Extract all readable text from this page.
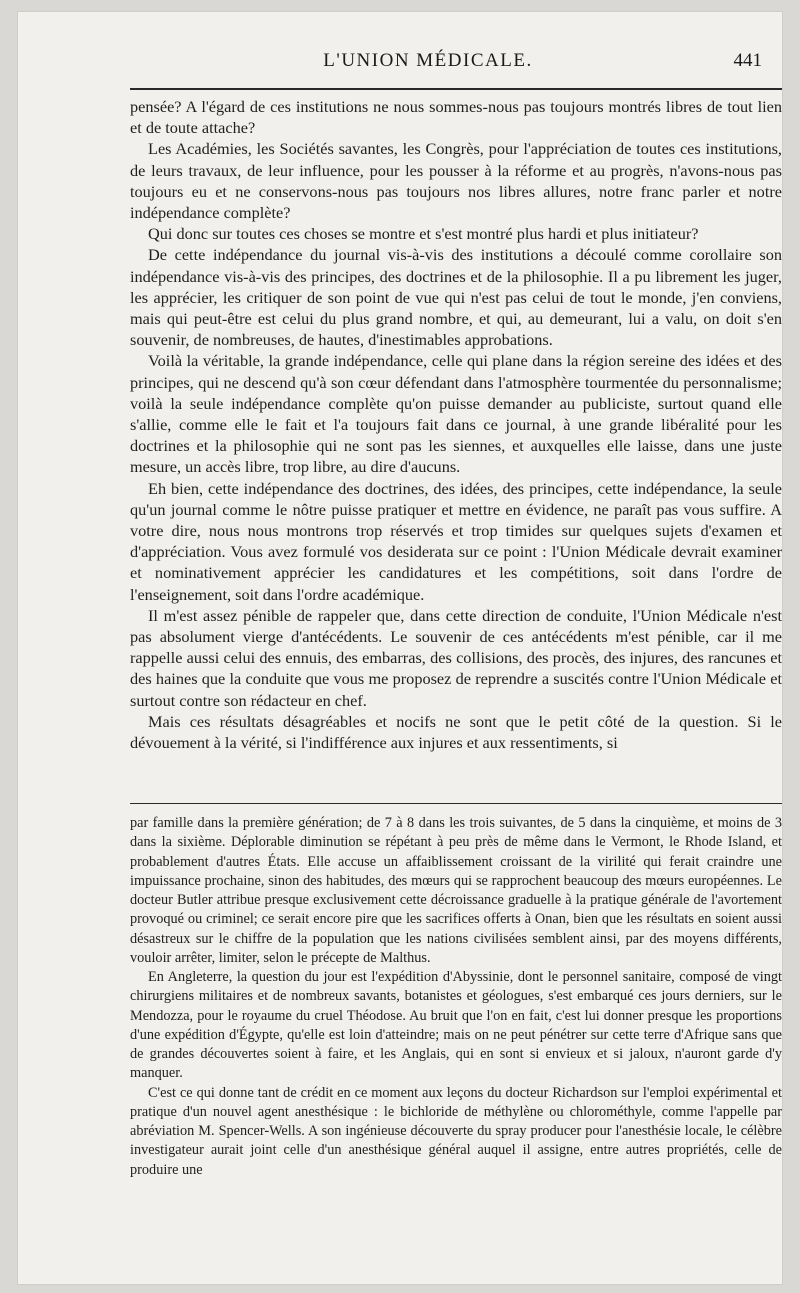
L'UNION MÉDICALE.	441

pensée? A l'égard de ces institutions ne nous sommes-nous pas toujours montrés libres de tout lien et de toute attache?

Les Académies, les Sociétés savantes, les Congrès, pour l'appréciation de toutes ces institutions, de leurs travaux, de leur influence, pour les pousser à la réforme et au progrès, n'avons-nous pas toujours eu et ne conservons-nous pas toujours nos libres allures, notre franc parler et notre indépendance complète?

Qui donc sur toutes ces choses se montre et s'est montré plus hardi et plus initiateur?

De cette indépendance du journal vis-à-vis des institutions a découlé comme corollaire son indépendance vis-à-vis des principes, des doctrines et de la philosophie. Il a pu librement les juger, les apprécier, les critiquer de son point de vue qui n'est pas celui de tout le monde, j'en conviens, mais qui peut-être est celui du plus grand nombre, et qui, au demeurant, lui a valu, on doit s'en souvenir, de nombreuses, de hautes, d'inestimables approbations.

Voilà la véritable, la grande indépendance, celle qui plane dans la région sereine des idées et des principes, qui ne descend qu'à son cœur défendant dans l'atmosphère tourmentée du personnalisme; voilà la seule indépendance complète qu'on puisse demander au publiciste, surtout quand elle s'allie, comme elle le fait et l'a toujours fait dans ce journal, à une grande libéralité pour les doctrines et la philosophie qui ne sont pas les siennes, et auxquelles elle laisse, dans une juste mesure, un accès libre, trop libre, au dire d'aucuns.

Eh bien, cette indépendance des doctrines, des idées, des principes, cette indépendance, la seule qu'un journal comme le nôtre puisse pratiquer et mettre en évidence, ne paraît pas vous suffire. A votre dire, nous nous montrons trop réservés et trop timides sur quelques sujets d'examen et d'appréciation. Vous avez formulé vos desiderata sur ce point : l'Union Médicale devrait examiner et nominativement apprécier les candidatures et les compétitions, soit dans l'ordre de l'enseignement, soit dans l'ordre académique.

Il m'est assez pénible de rappeler que, dans cette direction de conduite, l'Union Médicale n'est pas absolument vierge d'antécédents. Le souvenir de ces antécédents m'est pénible, car il me rappelle aussi celui des ennuis, des embarras, des collisions, des procès, des injures, des rancunes et des haines que la conduite que vous me proposez de reprendre a suscités contre l'Union Médicale et surtout contre son rédacteur en chef.

Mais ces résultats désagréables et nocifs ne sont que le petit côté de la question. Si le dévouement à la vérité, si l'indifférence aux injures et aux ressentiments, si

par famille dans la première génération; de 7 à 8 dans les trois suivantes, de 5 dans la cinquième, et moins de 3 dans la sixième. Déplorable diminution se répétant à peu près de même dans le Vermont, le Rhode Island, et probablement d'autres États. Elle accuse un affaiblissement croissant de la virilité qui ferait craindre une impuissance prochaine, sinon des habitudes, des mœurs qui se rapprochent beaucoup des mœurs européennes. Le docteur Butler attribue presque exclusivement cette décroissance graduelle à la pratique générale de l'avortement provoqué ou criminel; ce serait encore pire que les sacrifices offerts à Onan, bien que les résultats en soient aussi désastreux sur le chiffre de la population que les nations civilisées semblent ainsi, par des moyens différents, vouloir arrêter, limiter, selon le précepte de Malthus.

En Angleterre, la question du jour est l'expédition d'Abyssinie, dont le personnel sanitaire, composé de vingt chirurgiens militaires et de nombreux savants, botanistes et géologues, s'est embarqué ces jours derniers, sur le Mendozza, pour le royaume du cruel Théodose. Au bruit que l'on en fait, c'est lui donner presque les proportions d'une expédition d'Égypte, qu'elle est loin d'atteindre; mais on ne peut pénétrer sur cette terre d'Afrique sans que de grandes découvertes soient à faire, et les Anglais, qui en sont si envieux et si jaloux, n'auront garde d'y manquer.

C'est ce qui donne tant de crédit en ce moment aux leçons du docteur Richardson sur l'emploi expérimental et pratique d'un nouvel agent anesthésique : le bichloride de méthylène ou chlorométhyle, comme l'appelle par abréviation M. Spencer-Wells. A son ingénieuse découverte du spray producer pour l'anesthésie locale, le célèbre investigateur aurait joint celle d'un anesthésique général auquel il assigne, entre autres propriétés, celle de produire une
